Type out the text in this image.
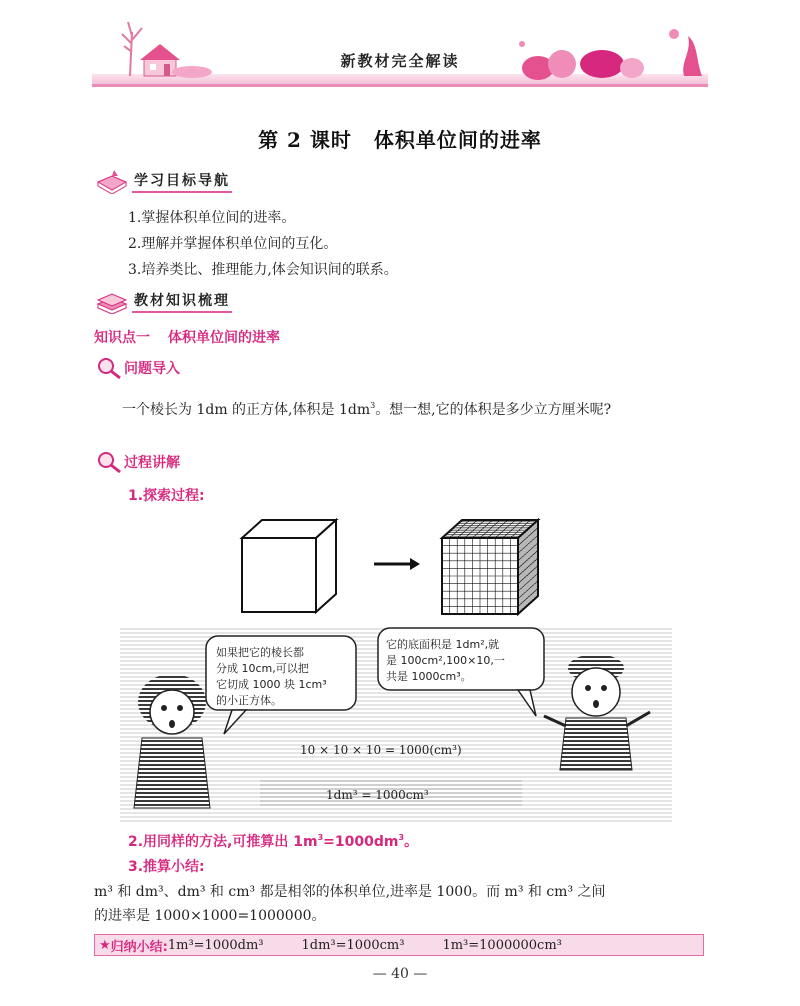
新教材完全解读
第 2 课时 体积单位间的进率
学习目标导航
1.掌握体积单位间的进率。
2.理解并掌握体积单位间的互化。
3.培养类比、推理能力,体会知识间的联系。
教材知识梳理
知识点一 体积单位间的进率
问题导入
一个棱长为 1dm 的正方体,体积是 $1dm^3$。想一想,它的体积是多少立方厘米呢?
过程讲解
1.探索过程:
如果把它的棱长都
分成 10cm,可以把
它切成 1000 块 1cm³
的小正方体。
它的底面积是 1dm²,就
是 100cm²,100×10,一
共是 1000cm³。
10 × 10 × 10 = 1000(cm³)
1dm³ = 1000cm³
2.用同样的方法,可推算出 $1m^3=1000dm^3$。
3.推算小结:
m³ 和 dm³、dm³ 和 cm³ 都是相邻的体积单位,进率是 1000。而 m³ 和 cm³ 之间
的进率是 1000×1000=1000000。
★ 归纳小结: 1m³=1000dm³	1dm³=1000cm³	1m³=1000000cm³
— 40 —
